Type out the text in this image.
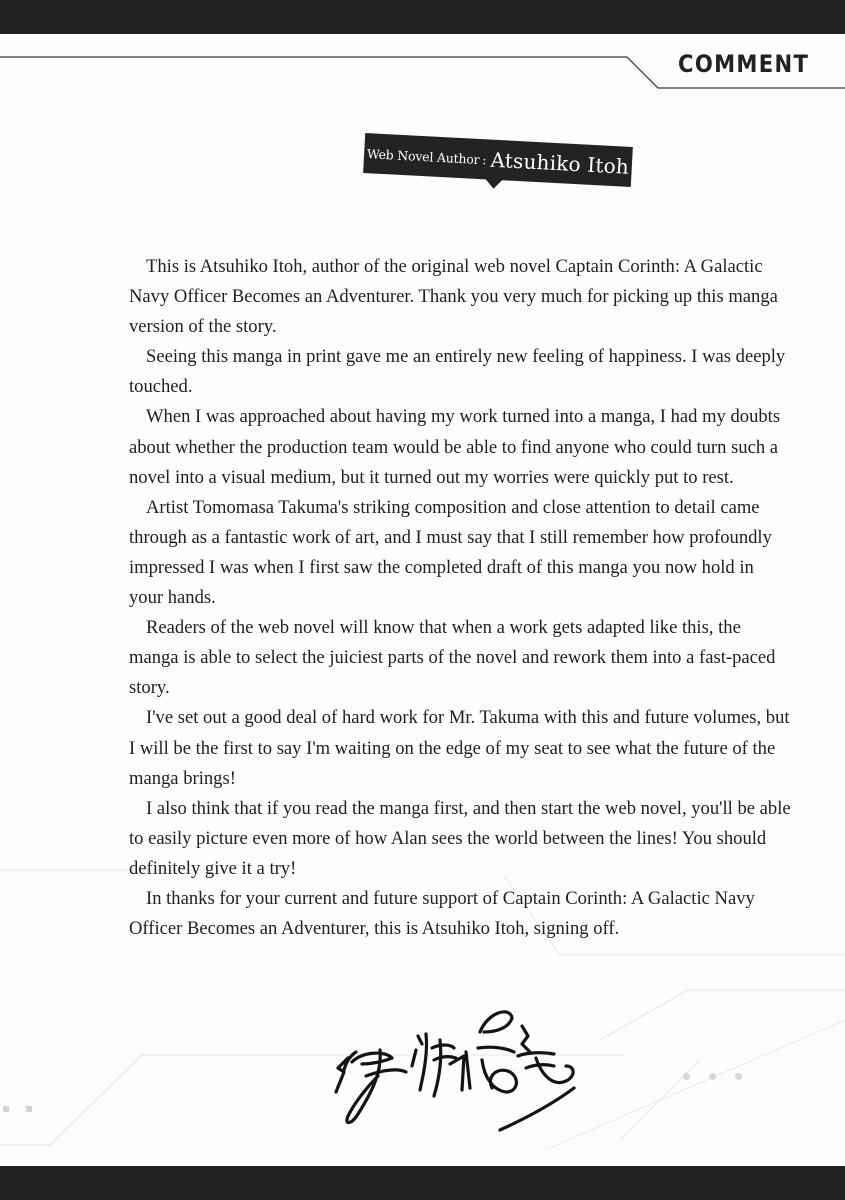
COMMENT
Web Novel Author : Atsuhiko Itoh

This is Atsuhiko Itoh, author of the original web novel Captain Corinth: A Galactic Navy Officer Becomes an Adventurer. Thank you very much for picking up this manga version of the story.

Seeing this manga in print gave me an entirely new feeling of happiness. I was deeply touched.

When I was approached about having my work turned into a manga, I had my doubts about whether the production team would be able to find anyone who could turn such a novel into a visual medium, but it turned out my worries were quickly put to rest.

Artist Tomomasa Takuma's striking composition and close attention to detail came through as a fantastic work of art, and I must say that I still remember how profoundly impressed I was when I first saw the completed draft of this manga you now hold in your hands.

Readers of the web novel will know that when a work gets adapted like this, the manga is able to select the juiciest parts of the novel and rework them into a fast-paced story.

I've set out a good deal of hard work for Mr. Takuma with this and future volumes, but I will be the first to say I'm waiting on the edge of my seat to see what the future of the manga brings!

I also think that if you read the manga first, and then start the web novel, you'll be able to easily picture even more of how Alan sees the world between the lines! You should definitely give it a try!

In thanks for your current and future support of Captain Corinth: A Galactic Navy Officer Becomes an Adventurer, this is Atsuhiko Itoh, signing off.
